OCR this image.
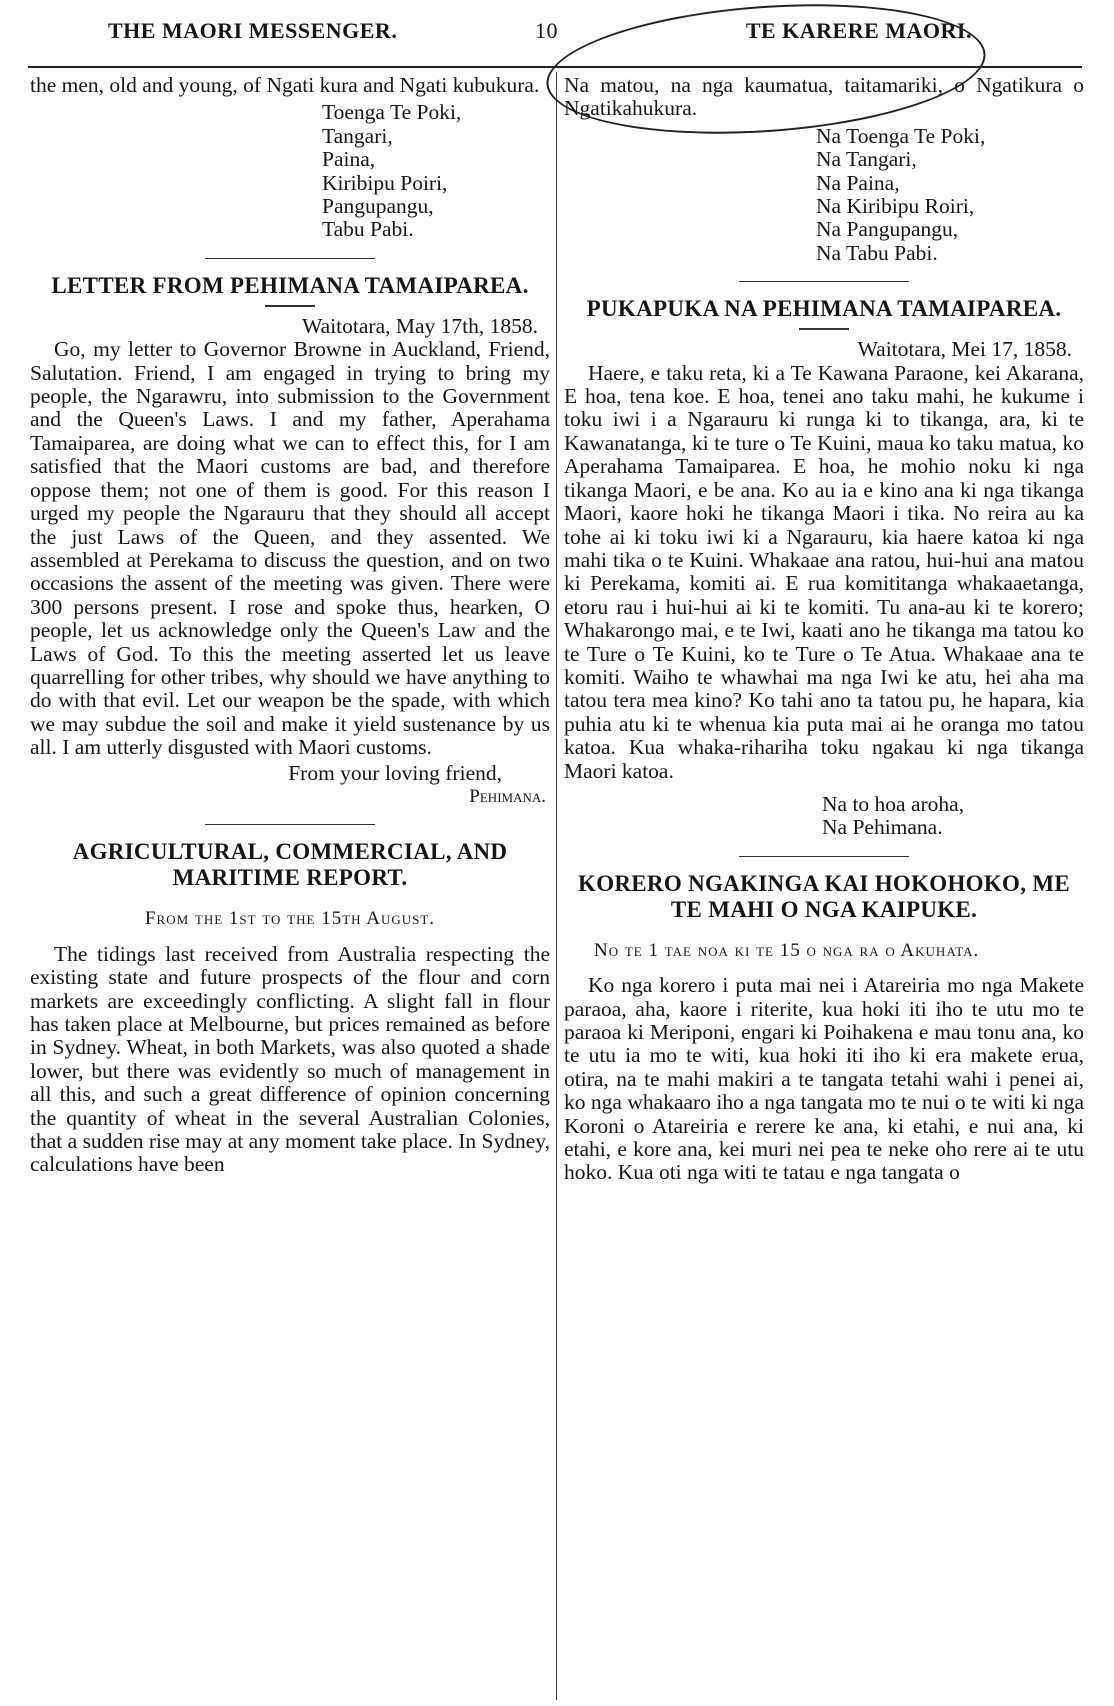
THE MAORI MESSENGER.	10	TE KARERE MAORI.

the men, old and young, of Ngati kura and Ngati kubukura.

Toenga Te Poki,
Tangari,
Paina,
Kiribipu Poiri,
Pangupangu,
Tabu Pabi.
LETTER FROM PEHIMANA TAMAIPAREA.

Waitotara, May 17th, 1858.

Go, my letter to Governor Browne in Auckland, Friend, Salutation. Friend, I am engaged in trying to bring my people, the Ngarawru, into submission to the Government and the Queen's Laws. I and my father, Aperahama Tamaiparea, are doing what we can to effect this, for I am satisfied that the Maori customs are bad, and therefore oppose them; not one of them is good. For this reason I urged my people the Ngarauru that they should all accept the just Laws of the Queen, and they assented. We assembled at Perekama to discuss the question, and on two occasions the assent of the meeting was given. There were 300 persons present. I rose and spoke thus, hearken, O people, let us acknowledge only the Queen's Law and the Laws of God. To this the meeting asserted let us leave quarrelling for other tribes, why should we have anything to do with that evil. Let our weapon be the spade, with which we may subdue the soil and make it yield sustenance by us all. I am utterly disgusted with Maori customs.

From your loving friend,

Pehimana.

AGRICULTURAL, COMMERCIAL, AND MARITIME REPORT.

From the 1st to the 15th August.

The tidings last received from Australia respecting the existing state and future prospects of the flour and corn markets are exceedingly conflicting. A slight fall in flour has taken place at Melbourne, but prices remained as before in Sydney. Wheat, in both Markets, was also quoted a shade lower, but there was evidently so much of management in all this, and such a great difference of opinion concerning the quantity of wheat in the several Australian Colonies, that a sudden rise may at any moment take place. In Sydney, calculations have been

Na matou, na nga kaumatua, taitamariki, o Ngatikura o Ngatikahukura.

Na Toenga Te Poki,
Na Tangari,
Na Paina,
Na Kiribipu Roiri,
Na Pangupangu,
Na Tabu Pabi.
PUKAPUKA NA PEHIMANA TAMAIPAREA.

Waitotara, Mei 17, 1858.

Haere, e taku reta, ki a Te Kawana Paraone, kei Akarana, E hoa, tena koe. E hoa, tenei ano taku mahi, he kukume i toku iwi i a Ngarauru ki runga ki to tikanga, ara, ki te Kawanatanga, ki te ture o Te Kuini, maua ko taku matua, ko Aperahama Tamaiparea. E hoa, he mohio noku ki nga tikanga Maori, e be ana. Ko au ia e kino ana ki nga tikanga Maori, kaore hoki he tikanga Maori i tika. No reira au ka tohe ai ki toku iwi ki a Ngarauru, kia haere katoa ki nga mahi tika o te Kuini. Whakaae ana ratou, hui-hui ana matou ki Perekama, komiti ai. E rua komititanga whakaaetanga, etoru rau i hui-hui ai ki te komiti. Tu ana-au ki te korero; Whakarongo mai, e te Iwi, kaati ano he tikanga ma tatou ko te Ture o Te Kuini, ko te Ture o Te Atua. Whakaae ana te komiti. Waiho te whawhai ma nga Iwi ke atu, hei aha ma tatou tera mea kino? Ko tahi ano ta tatou pu, he hapara, kia puhia atu ki te whenua kia puta mai ai he oranga mo tatou katoa. Kua whaka-rihariha toku ngakau ki nga tikanga Maori katoa.

Na to hoa aroha,

Na Pehimana.

KORERO NGAKINGA KAI HOKOHOKO, ME TE MAHI O NGA KAIPUKE.

No te 1 tae noa ki te 15 o nga ra o Akuhata.

Ko nga korero i puta mai nei i Atareiria mo nga Makete paraoa, aha, kaore i riterite, kua hoki iti iho te utu mo te paraoa ki Meriponi, engari ki Poihakena e mau tonu ana, ko te utu ia mo te witi, kua hoki iti iho ki era makete erua, otira, na te mahi makiri a te tangata tetahi wahi i penei ai, ko nga whakaaro iho a nga tangata mo te nui o te witi ki nga Koroni o Atareiria e rerere ke ana, ki etahi, e nui ana, ki etahi, e kore ana, kei muri nei pea te neke oho rere ai te utu hoko. Kua oti nga witi te tatau e nga tangata o
